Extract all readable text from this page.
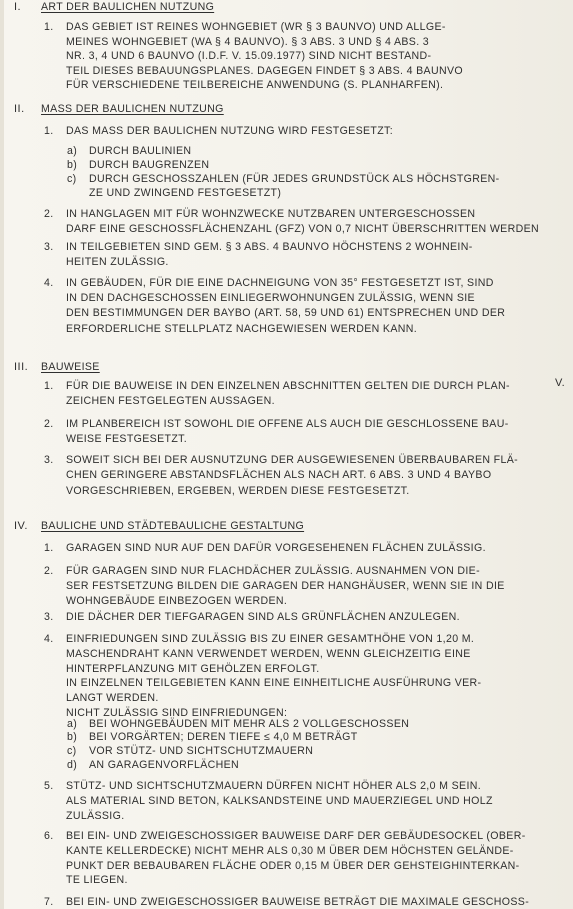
I. ART DER BAULICHEN NUTZUNG
1. DAS GEBIET IST REINES WOHNGEBIET (WR § 3 BAUNVO) UND ALLGE-
MEINES WOHNGEBIET (WA § 4 BAUNVO). § 3 ABS. 3 UND § 4 ABS. 3
NR. 3, 4 UND 6 BAUNVO (I.D.F. V. 15.09.1977) SIND NICHT BESTAND-
TEIL DIESES BEBAUUNGSPLANES. DAGEGEN FINDET § 3 ABS. 4 BAUNVO
FÜR VERSCHIEDENE TEILBEREICHE ANWENDUNG (S. PLANHARFEN).
II. MASS DER BAULICHEN NUTZUNG
1. DAS MASS DER BAULICHEN NUTZUNG WIRD FESTGESETZT:
a) DURCH BAULINIEN
b) DURCH BAUGRENZEN
c) DURCH GESCHOSSZAHLEN (FÜR JEDES GRUNDSTÜCK ALS HÖCHSTGREN-
ZE UND ZWINGEND FESTGESETZT)
2. IN HANGLAGEN MIT FÜR WOHNZWECKE NUTZBAREN UNTERGESCHOSSEN
DARF EINE GESCHOSSFLÄCHENZAHL (GFZ) VON 0,7 NICHT ÜBERSCHRITTEN WERDEN
3. IN TEILGEBIETEN SIND GEM. § 3 ABS. 4 BAUNVO HÖCHSTENS 2 WOHNEIN-
HEITEN ZULÄSSIG.
4. IN GEBÄUDEN, FÜR DIE EINE DACHNEIGUNG VON 35° FESTGESETZT IST, SIND
IN DEN DACHGESCHOSSEN EINLIEGERWOHNUNGEN ZULÄSSIG, WENN SIE
DEN BESTIMMUNGEN DER BAYBO (ART. 58, 59 UND 61) ENTSPRECHEN UND DER
ERFORDERLICHE STELLPLATZ NACHGEWIESEN WERDEN KANN.
III. BAUWEISE
1. FÜR DIE BAUWEISE IN DEN EINZELNEN ABSCHNITTEN GELTEN DIE DURCH PLAN-
ZEICHEN FESTGELEGTEN AUSSAGEN.
2. IM PLANBEREICH IST SOWOHL DIE OFFENE ALS AUCH DIE GESCHLOSSENE BAU-
WEISE FESTGESETZT.
3. SOWEIT SICH BEI DER AUSNUTZUNG DER AUSGEWIESENEN ÜBERBAUBAREN FLÄ-
CHEN GERINGERE ABSTANDSFLÄCHEN ALS NACH ART. 6 ABS. 3 UND 4 BAYBO
VORGESCHRIEBEN, ERGEBEN, WERDEN DIESE FESTGESETZT.
IV. BAULICHE UND STÄDTEBAULICHE GESTALTUNG
1. GARAGEN SIND NUR AUF DEN DAFÜR VORGESEHENEN FLÄCHEN ZULÄSSIG.
2. FÜR GARAGEN SIND NUR FLACHDÄCHER ZULÄSSIG. AUSNAHMEN VON DIE-
SER FESTSETZUNG BILDEN DIE GARAGEN DER HANGHÄUSER, WENN SIE IN DIE
WOHNGEBÄUDE EINBEZOGEN WERDEN.
3. DIE DÄCHER DER TIEFGARAGEN SIND ALS GRÜNFLÄCHEN ANZULEGEN.
4. EINFRIEDUNGEN SIND ZULÄSSIG BIS ZU EINER GESAMTHÖHE VON 1,20 M.
MASCHENDRAHT KANN VERWENDET WERDEN, WENN GLEICHZEITIG EINE
HINTERPFLANZUNG MIT GEHÖLZEN ERFOLGT.
IN EINZELNEN TEILGEBIETEN KANN EINE EINHEITLICHE AUSFÜHRUNG VER-
LANGT WERDEN.
NICHT ZULÄSSIG SIND EINFRIEDUNGEN:
a) BEI WOHNGEBÄUDEN MIT MEHR ALS 2 VOLLGESCHOSSEN
b) BEI VORGÄRTEN; DEREN TIEFE ≤ 4,0 M BETRÄGT
c) VOR STÜTZ- UND SICHTSCHUTZMAUERN
d) AN GARAGENVORFLÄCHEN
5. STÜTZ- UND SICHTSCHUTZMAUERN DÜRFEN NICHT HÖHER ALS 2,0 M SEIN.
ALS MATERIAL SIND BETON, KALKSANDSTEINE UND MAUERZIEGEL UND HOLZ
ZULÄSSIG.
6. BEI EIN- UND ZWEIGESCHOSSIGER BAUWEISE DARF DER GEBÄUDESOCKEL (OBER-
KANTE KELLERDECKE) NICHT MEHR ALS 0,30 M ÜBER DEM HÖCHSTEN GELÄNDE-
PUNKT DER BEBAUBAREN FLÄCHE ODER 0,15 M ÜBER DER GEHSTEIGHINTERKAN-
TE LIEGEN.
7. BEI EIN- UND ZWEIGESCHOSSIGER BAUWEISE BETRÄGT DIE MAXIMALE GESCHOSS-
V.
